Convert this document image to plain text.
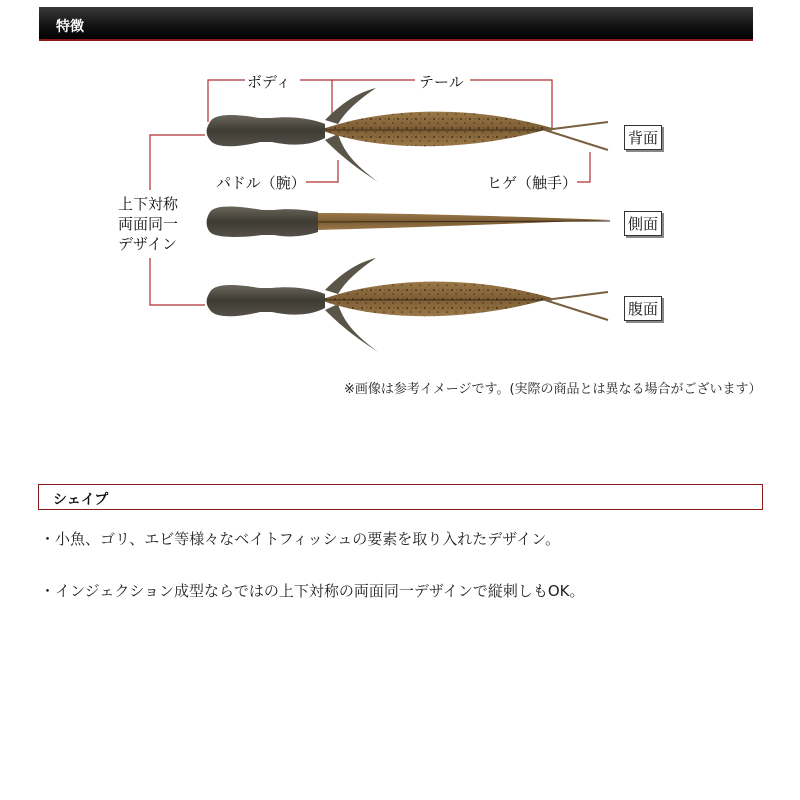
特徴
ボディ	テール
パドル（腕）	ヒゲ（触手）
上下対称
両面同一
デザイン
背面
側面
腹面
※画像は参考イメージです。(実際の商品とは異なる場合がございます）
シェイプ
・小魚、ゴリ、エビ等様々なベイトフィッシュの要素を取り入れたデザイン。
・インジェクション成型ならではの上下対称の両面同一デザインで縦刺しもOK。
